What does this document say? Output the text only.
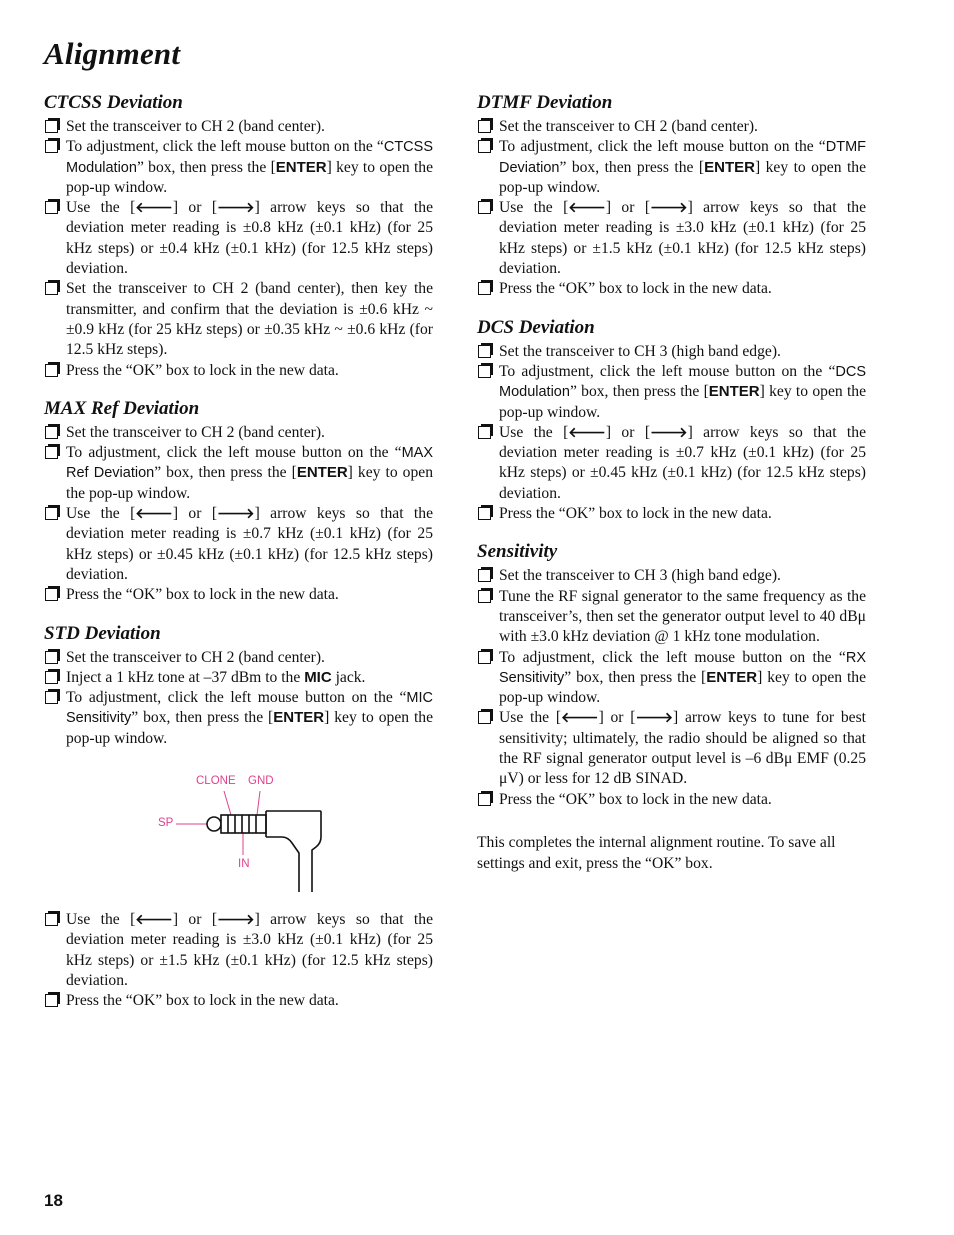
Alignment
CTCSS Deviation
Set the transceiver to CH 2 (band center).
To adjustment, click the left mouse button on the “CTCSS Modulation” box, then press the [ENTER] key to open the pop-up window.
Use the [🡐] or [🡒] arrow keys so that the deviation meter reading is ±0.8 kHz (±0.1 kHz) (for 25 kHz steps) or ±0.4 kHz (±0.1 kHz) (for 12.5 kHz steps) deviation.
Set the transceiver to CH 2 (band center), then key the transmitter, and confirm that the deviation is ±0.6 kHz ~ ±0.9 kHz (for 25 kHz steps) or ±0.35 kHz ~ ±0.6 kHz (for 12.5 kHz steps).
Press the “OK” box to lock in the new data.
MAX Ref Deviation
Set the transceiver to CH 2 (band center).
To adjustment, click the left mouse button on the “MAX Ref Deviation” box, then press the [ENTER] key to open the pop-up window.
Use the [🡐] or [🡒] arrow keys so that the deviation meter reading is ±0.7 kHz (±0.1 kHz) (for 25 kHz steps) or ±0.45 kHz (±0.1 kHz) (for 12.5 kHz steps) deviation.
Press the “OK” box to lock in the new data.
STD Deviation
Set the transceiver to CH 2 (band center).
Inject a 1 kHz tone at –37 dBm to the MIC jack.
To adjustment, click the left mouse button on the “MIC Sensitivity” box, then press the [ENTER] key to open the pop-up window.
CLONE GND
SP
IN
Use the [🡐] or [🡒] arrow keys so that the deviation meter reading is ±3.0 kHz (±0.1 kHz) (for 25 kHz steps) or ±1.5 kHz (±0.1 kHz) (for 12.5 kHz steps) deviation.
Press the “OK” box to lock in the new data.
DTMF Deviation
Set the transceiver to CH 2 (band center).
To adjustment, click the left mouse button on the “DTMF Deviation” box, then press the [ENTER] key to open the pop-up window.
Use the [🡐] or [🡒] arrow keys so that the deviation meter reading is ±3.0 kHz (±0.1 kHz) (for 25 kHz steps) or ±1.5 kHz (±0.1 kHz) (for 12.5 kHz steps) deviation.
Press the “OK” box to lock in the new data.
DCS Deviation
Set the transceiver to CH 3 (high band edge).
To adjustment, click the left mouse button on the “DCS Modulation” box, then press the [ENTER] key to open the pop-up window.
Use the [🡐] or [🡒] arrow keys so that the deviation meter reading is ±0.7 kHz (±0.1 kHz) (for 25 kHz steps) or ±0.45 kHz (±0.1 kHz) (for 12.5 kHz steps) deviation.
Press the “OK” box to lock in the new data.
Sensitivity
Set the transceiver to CH 3 (high band edge).
Tune the RF signal generator to the same frequency as the transceiver’s, then set the generator output level to 40 dBμ with ±3.0 kHz deviation @ 1 kHz tone modulation.
To adjustment, click the left mouse button on the “RX Sensitivity” box, then press the [ENTER] key to open the pop-up window.
Use the [🡐] or [🡒] arrow keys to tune for best sensitivity; ultimately, the radio should be aligned so that the RF signal generator output level is –6 dBμ EMF (0.25 μV) or less for 12 dB SINAD.
Press the “OK” box to lock in the new data.

This completes the internal alignment routine. To save all settings and exit, press the “OK” box.

18
